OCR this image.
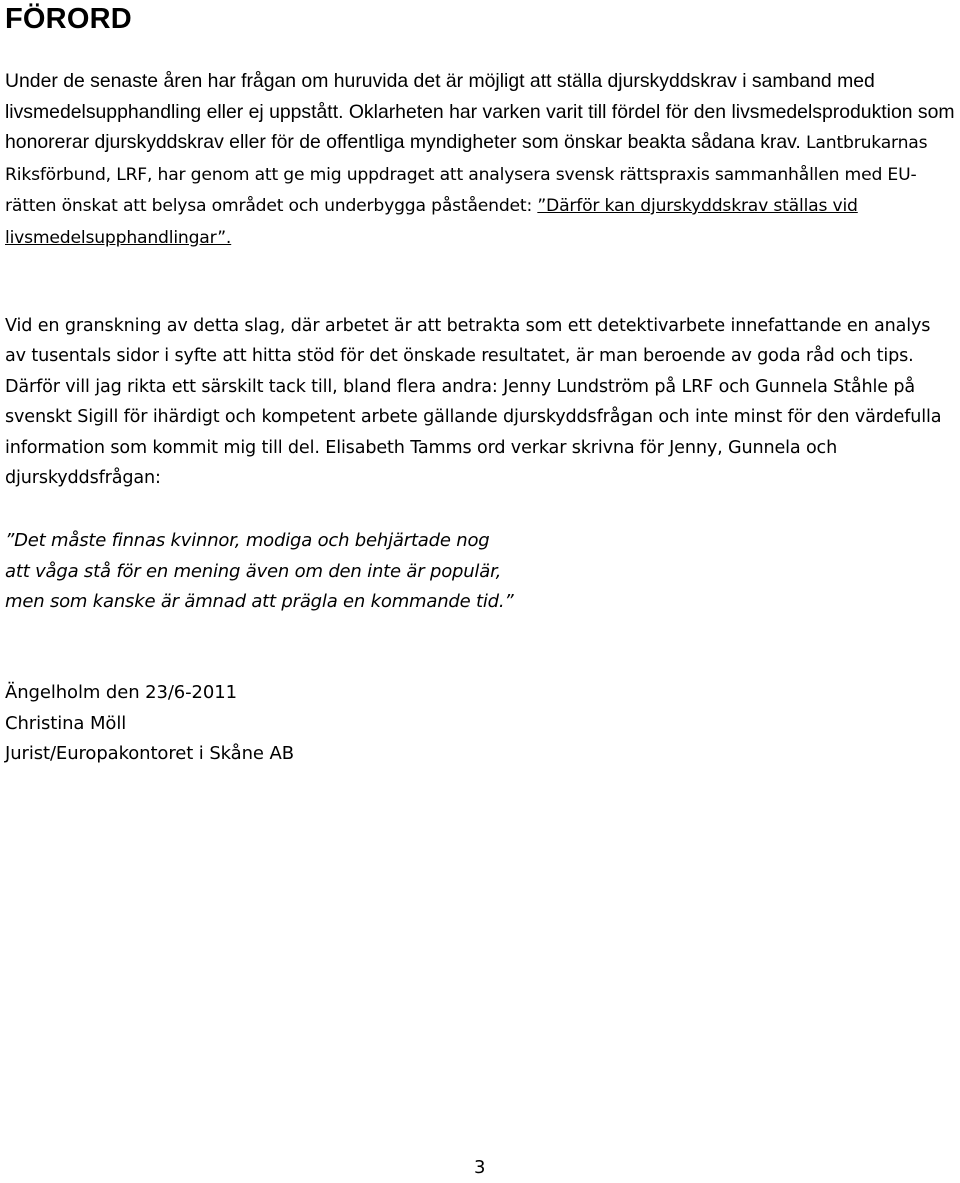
FÖRORD

Under de senaste åren har frågan om huruvida det är möjligt att ställa djurskyddskrav i samband med livsmedelsupphandling eller ej uppstått. Oklarheten har varken varit till fördel för den livsmedelsproduktion som honorerar djurskyddskrav eller för de offentliga myndigheter som önskar beakta sådana krav. Lantbrukarnas Riksförbund, LRF, har genom att ge mig uppdraget att analysera svensk rättspraxis sammanhållen med EU-rätten önskat att belysa området och underbygga påståendet: ”Därför kan djurskyddskrav ställas vid livsmedelsupphandlingar”.

Vid en granskning av detta slag, där arbetet är att betrakta som ett detektivarbete innefattande en analys av tusentals sidor i syfte att hitta stöd för det önskade resultatet, är man beroende av goda råd och tips. Därför vill jag rikta ett särskilt tack till, bland flera andra: Jenny Lundström på LRF och Gunnela Ståhle på svenskt Sigill för ihärdigt och kompetent arbete gällande djurskyddsfrågan och inte minst för den värdefulla information som kommit mig till del. Elisabeth Tamms ord verkar skrivna för Jenny, Gunnela och djurskyddsfrågan:

”Det måste finnas kvinnor, modiga och behjärtade nog
att våga stå för en mening även om den inte är populär,
men som kanske är ämnad att prägla en kommande tid.”

Ängelholm den 23/6-2011
Christina Möll
Jurist/Europakontoret i Skåne AB

3
